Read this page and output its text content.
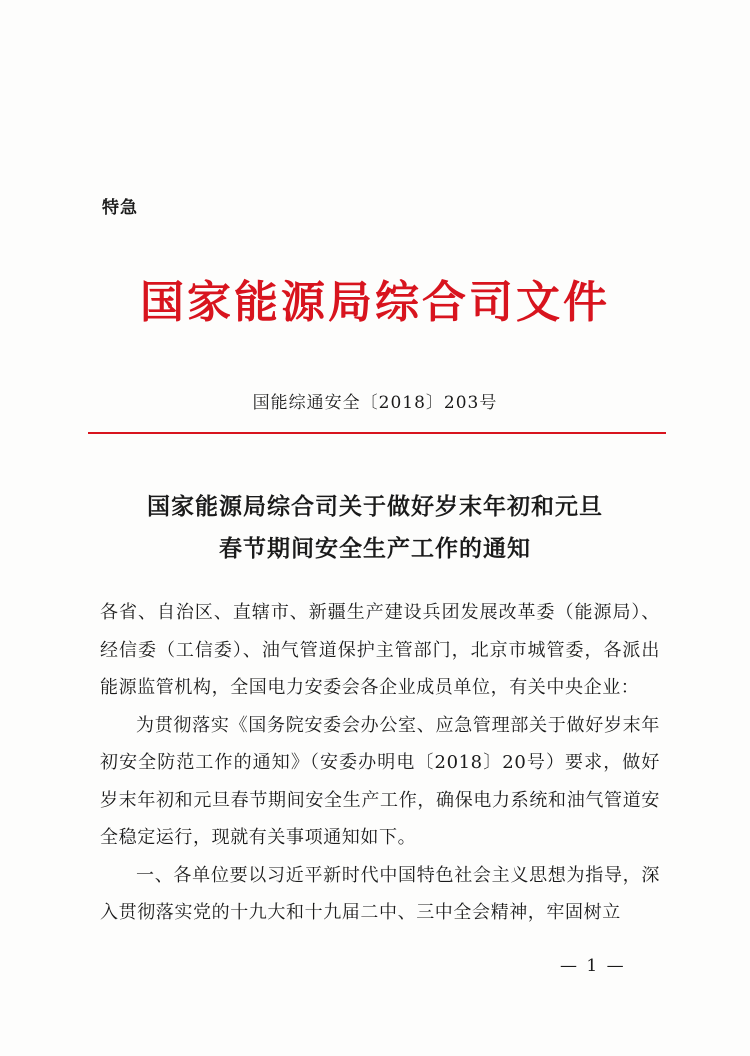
特急
国家能源局综合司文件
国能综通安全〔2018〕203号
国家能源局综合司关于做好岁末年初和元旦
春节期间安全生产工作的通知

各省、自治区、直辖市、新疆生产建设兵团发展改革委（能源局）、经信委（工信委）、油气管道保护主管部门，北京市城管委，各派出能源监管机构，全国电力安委会各企业成员单位，有关中央企业：

为贯彻落实《国务院安委会办公室、应急管理部关于做好岁末年初安全防范工作的通知》（安委办明电〔2018〕20号）要求，做好岁末年初和元旦春节期间安全生产工作，确保电力系统和油气管道安全稳定运行，现就有关事项通知如下。

一、各单位要以习近平新时代中国特色社会主义思想为指导，深入贯彻落实党的十九大和十九届二中、三中全会精神，牢固树立

— 1 —
